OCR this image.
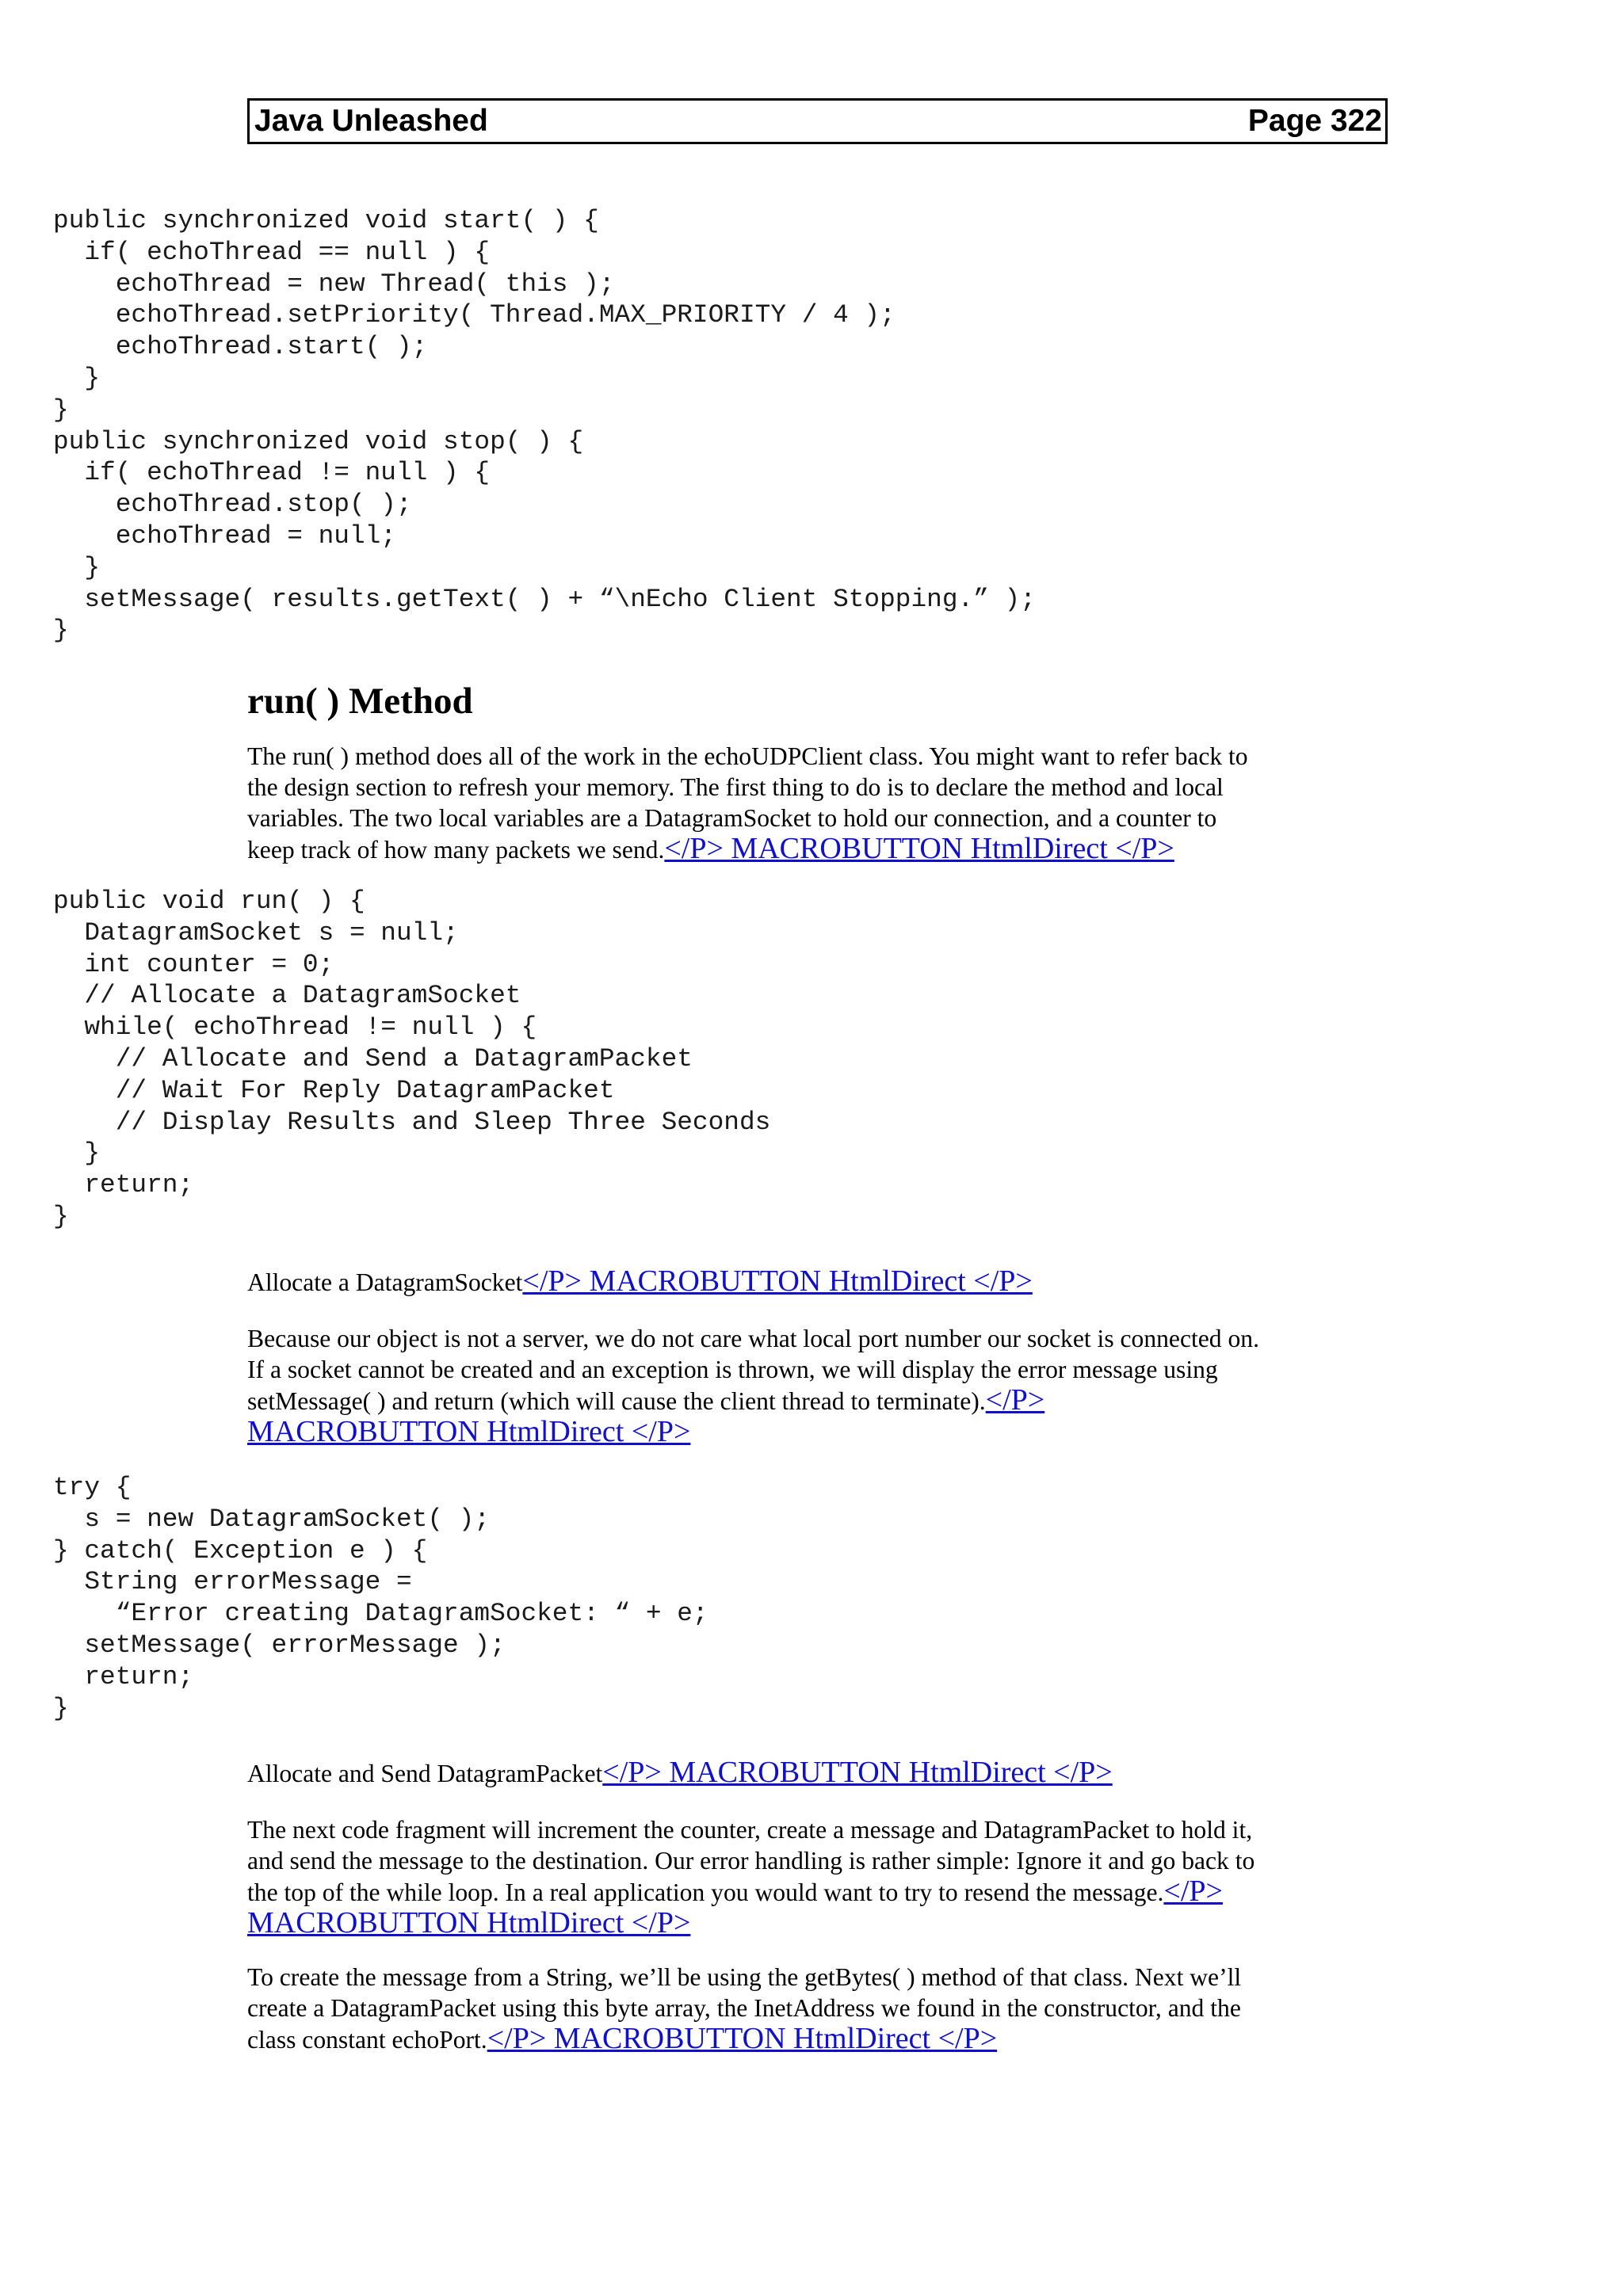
Java Unleashed	Page 322
public synchronized void start( ) {
if( echoThread == null ) {
echoThread = new Thread( this );
echoThread.setPriority( Thread.MAX_PRIORITY / 4 );
echoThread.start( );
}
}
public synchronized void stop( ) {
if( echoThread != null ) {
echoThread.stop( );
echoThread = null;
}
setMessage( results.getText( ) + “\nEcho Client Stopping.” );
}
run( ) Method

The run( ) method does all of the work in the echoUDPClient class. You might want to refer back to
the design section to refresh your memory. The first thing to do is to declare the method and local
variables. The two local variables are a DatagramSocket to hold our connection, and a counter to
keep track of how many packets we send.</P> MACROBUTTON HtmlDirect </P>

public void run( ) {
DatagramSocket s = null;
int counter = 0;
// Allocate a DatagramSocket
while( echoThread != null ) {
// Allocate and Send a DatagramPacket
// Wait For Reply DatagramPacket
// Display Results and Sleep Three Seconds
}
return;
}

Allocate a DatagramSocket</P> MACROBUTTON HtmlDirect </P>

Because our object is not a server, we do not care what local port number our socket is connected on.
If a socket cannot be created and an exception is thrown, we will display the error message using
setMessage( ) and return (which will cause the client thread to terminate).</P>
MACROBUTTON HtmlDirect </P>

try {
s = new DatagramSocket( );
} catch( Exception e ) {
String errorMessage =
“Error creating DatagramSocket: “ + e;
setMessage( errorMessage );
return;
}

Allocate and Send DatagramPacket</P> MACROBUTTON HtmlDirect </P>

The next code fragment will increment the counter, create a message and DatagramPacket to hold it,
and send the message to the destination. Our error handling is rather simple: Ignore it and go back to
the top of the while loop. In a real application you would want to try to resend the message.</P>
MACROBUTTON HtmlDirect </P>

To create the message from a String, we’ll be using the getBytes( ) method of that class. Next we’ll
create a DatagramPacket using this byte array, the InetAddress we found in the constructor, and the
class constant echoPort.</P> MACROBUTTON HtmlDirect </P>
